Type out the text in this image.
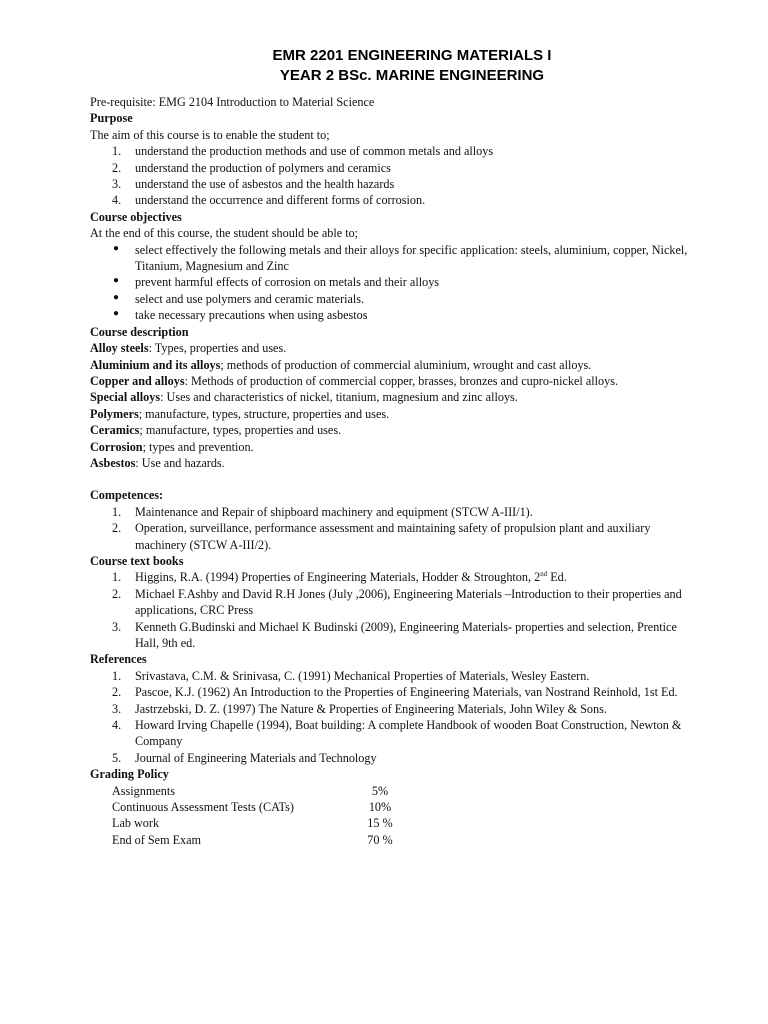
EMR 2201 ENGINEERING MATERIALS I
YEAR 2 BSc. MARINE ENGINEERING
Pre-requisite: EMG 2104 Introduction to Material Science
Purpose
The aim of this course is to enable the student to;
1.	understand the production methods and use of common metals and alloys
2.	understand the production of polymers and ceramics
3.	understand the use of asbestos and the health hazards
4.	understand the occurrence and different forms of corrosion.
Course objectives
At the end of this course, the student should be able to;
● select effectively the following metals and their alloys for specific application: steels, aluminium, copper, Nickel, Titanium, Magnesium and Zinc
● prevent harmful effects of corrosion on metals and their alloys
● select and use polymers and ceramic materials.
● take necessary precautions when using asbestos
Course description
Alloy steels: Types, properties and uses.
Aluminium and its alloys; methods of production of commercial aluminium, wrought and cast alloys.
Copper and alloys: Methods of production of commercial copper, brasses, bronzes and cupro-nickel alloys.
Special alloys: Uses and characteristics of nickel, titanium, magnesium and zinc alloys.
Polymers; manufacture, types, structure, properties and uses.
Ceramics; manufacture, types, properties and uses.
Corrosion; types and prevention.
Asbestos: Use and hazards.
Competences:
1.	Maintenance and Repair of shipboard machinery and equipment (STCW A-III/1).
2.	Operation, surveillance, performance assessment and maintaining safety of propulsion plant and auxiliary machinery (STCW A-III/2).
Course text books
1.	Higgins, R.A. (1994) Properties of Engineering Materials, Hodder & Stroughton, 2nd Ed.
2.	Michael F.Ashby and David R.H Jones (July ,2006), Engineering Materials –Introduction to their properties and applications, CRC Press
3.	Kenneth G.Budinski and Michael K Budinski (2009), Engineering Materials- properties and selection, Prentice Hall, 9th ed.
References
1.	Srivastava, C.M. & Srinivasa, C. (1991) Mechanical Properties of Materials, Wesley Eastern.
2.	Pascoe, K.J. (1962) An Introduction to the Properties of Engineering Materials, van Nostrand Reinhold, 1st Ed.
3.	Jastrzebski, D. Z. (1997) The Nature & Properties of Engineering Materials, John Wiley & Sons.
4.	Howard Irving Chapelle (1994), Boat building: A complete Handbook of wooden Boat Construction, Newton & Company
5.	Journal of Engineering Materials and Technology
Grading Policy
Assignments	5%
Continuous Assessment Tests (CATs)	10%
Lab work	15 %
End of Sem Exam	70 %
